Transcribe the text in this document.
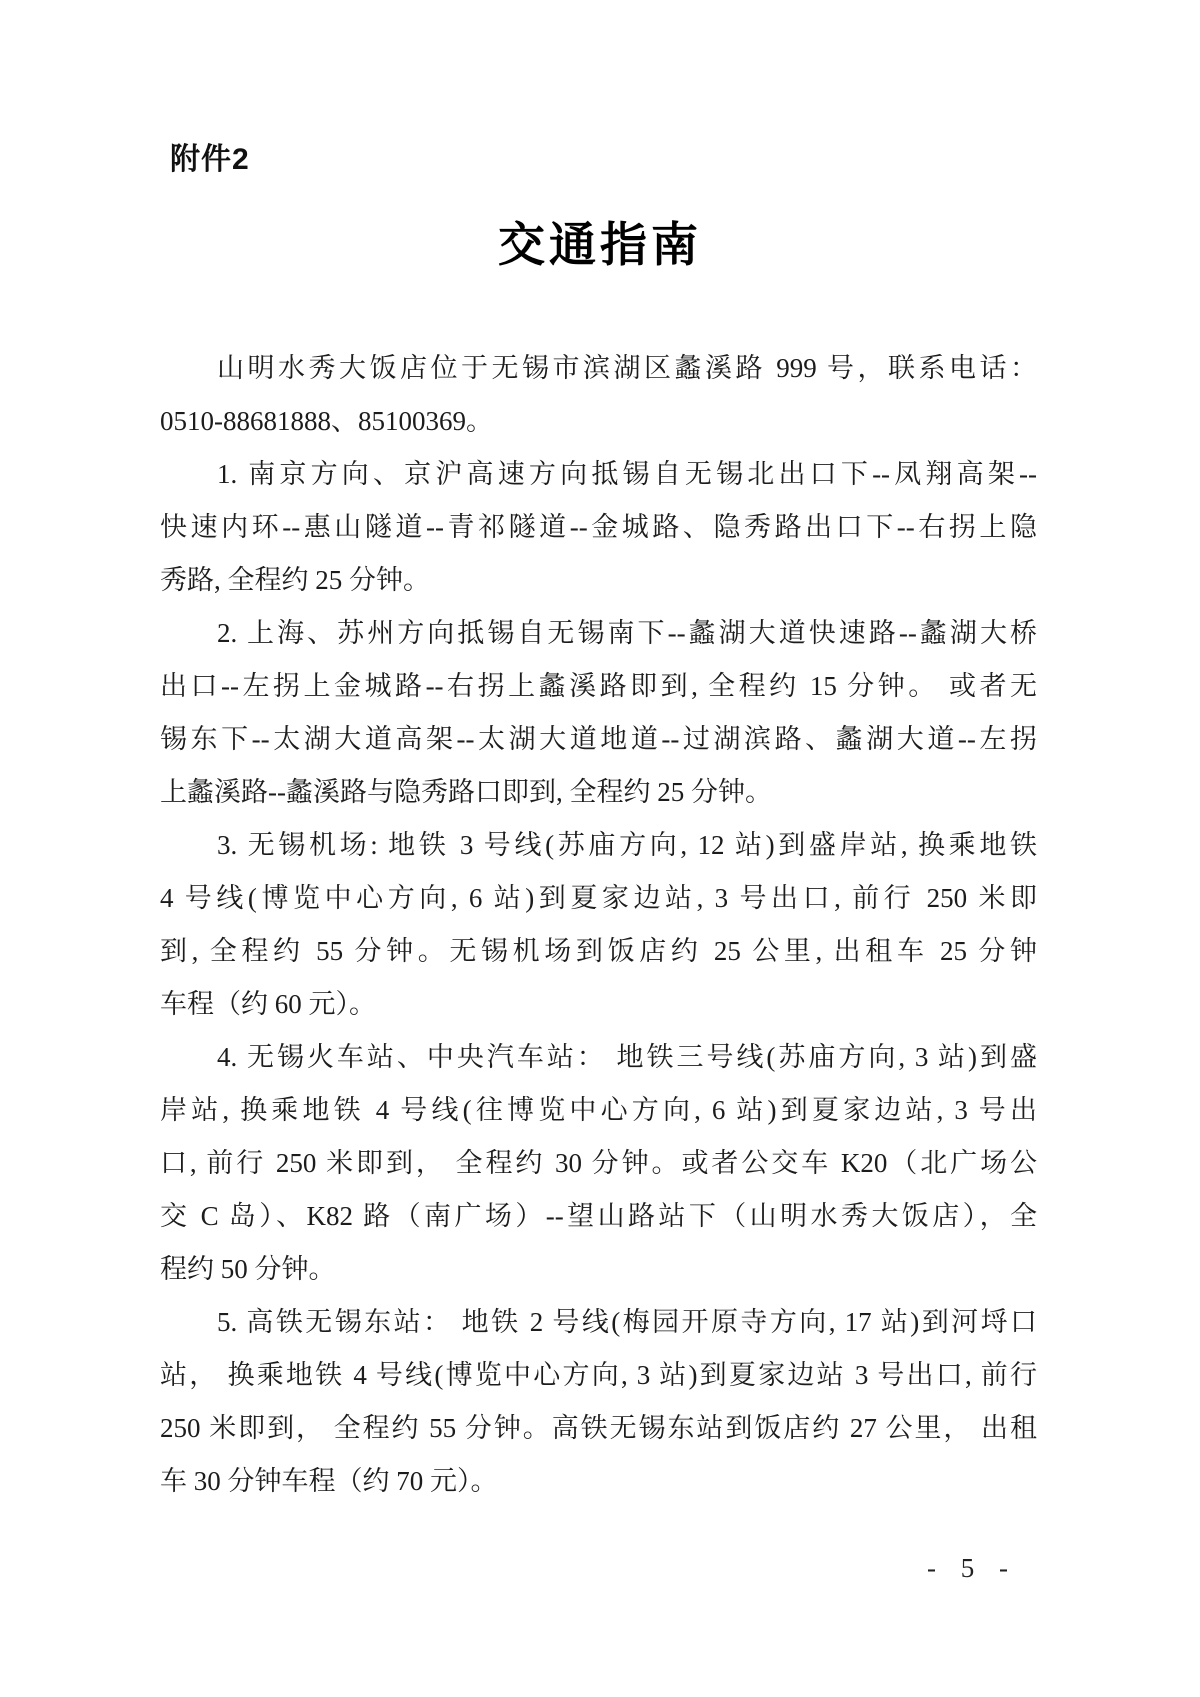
附件2
交通指南
山明水秀大饭店位于无锡市滨湖区蠡溪路 999 号，联系电话：
0510-88681888、85100369。
1. 南京方向、京沪高速方向抵锡自无锡北出口下--凤翔高架--
快速内环--惠山隧道--青祁隧道--金城路、隐秀路出口下--右拐上隐
秀路, 全程约 25 分钟。
2. 上海、苏州方向抵锡自无锡南下--蠡湖大道快速路--蠡湖大桥
出口--左拐上金城路--右拐上蠡溪路即到, 全程约 15 分钟。 或者无
锡东下--太湖大道高架--太湖大道地道--过湖滨路、蠡湖大道--左拐
上蠡溪路--蠡溪路与隐秀路口即到, 全程约 25 分钟。
3. 无锡机场: 地铁 3 号线(苏庙方向, 12 站)到盛岸站, 换乘地铁
4 号线(博览中心方向, 6 站)到夏家边站, 3 号出口, 前行 250 米即
到, 全程约 55 分钟。无锡机场到饭店约 25 公里, 出租车 25 分钟
车程（约 60 元）。
4. 无锡火车站、中央汽车站： 地铁三号线(苏庙方向, 3 站)到盛
岸站, 换乘地铁 4 号线(往博览中心方向, 6 站)到夏家边站, 3 号出
口, 前行 250 米即到， 全程约 30 分钟。或者公交车 K20（北广场公
交 C 岛）、K82 路（南广场）--望山路站下（山明水秀大饭店），全
程约 50 分钟。
5. 高铁无锡东站： 地铁 2 号线(梅园开原寺方向, 17 站)到河埒口
站， 换乘地铁 4 号线(博览中心方向, 3 站)到夏家边站 3 号出口, 前行
250 米即到， 全程约 55 分钟。高铁无锡东站到饭店约 27 公里， 出租
车 30 分钟车程（约 70 元）。
- 5 -
